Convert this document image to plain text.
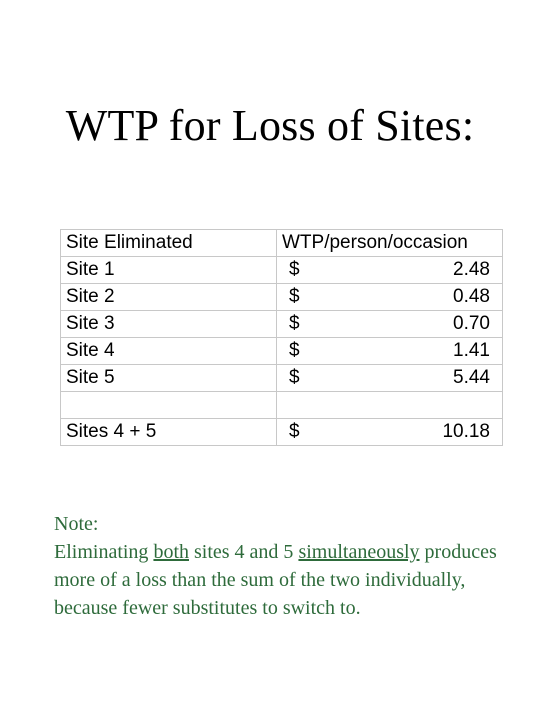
WTP for Loss of Sites:
Site Eliminated	WTP/person/occasion
Site 1	$ 2.48

Site 2	$ 0.48

Site 3	$ 0.70

Site 4	$ 1.41

Site 5	$ 5.44

Sites 4 + 5	$ 10.18
Note:
Eliminating both sites 4 and 5 simultaneously produces more of a loss than the sum of the two individually, because fewer substitutes to switch to.
